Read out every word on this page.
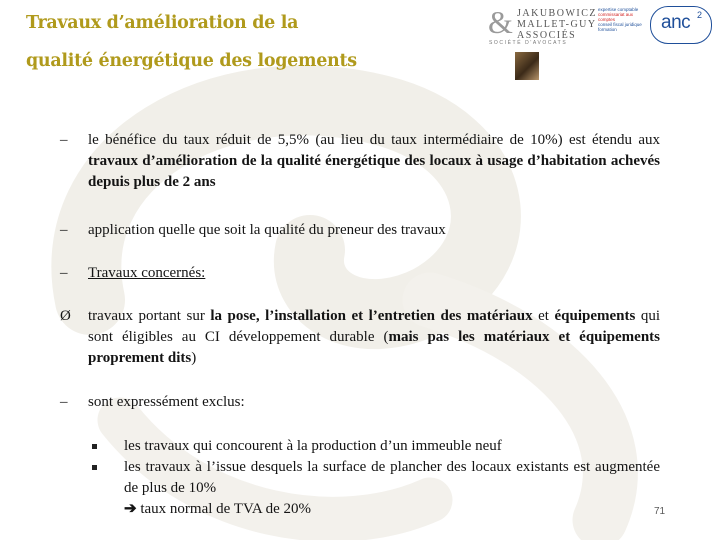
Travaux d’amélioration de la
qualité énergétique des logements
& JAKUBOWICZ
MALLET-GUY
ASSOCIÉS
SOCIÉTÉ D'AVOCATS
expertise comptable
commissariat aux comptes
conseil fiscal juridique
formation	anc 2
–	le bénéfice du taux réduit de 5,5% (au lieu du taux intermédiaire de 10%) est étendu aux travaux d’amélioration de la qualité énergétique des locaux à usage d’habitation achevés depuis plus de 2 ans
–	application quelle que soit la qualité du preneur des travaux
–	Travaux concernés:
Ø	travaux portant sur la pose, l’installation et l’entretien des matériaux et équipements qui sont éligibles au CI développement durable (mais pas les matériaux et équipements proprement dits)
–	sont expressément exclus:
les travaux qui concourent à la production d’un immeuble neuf
les travaux à l’issue desquels la surface de plancher des locaux existants est augmentée de plus de 10%
➔ taux normal de TVA de 20%	71
